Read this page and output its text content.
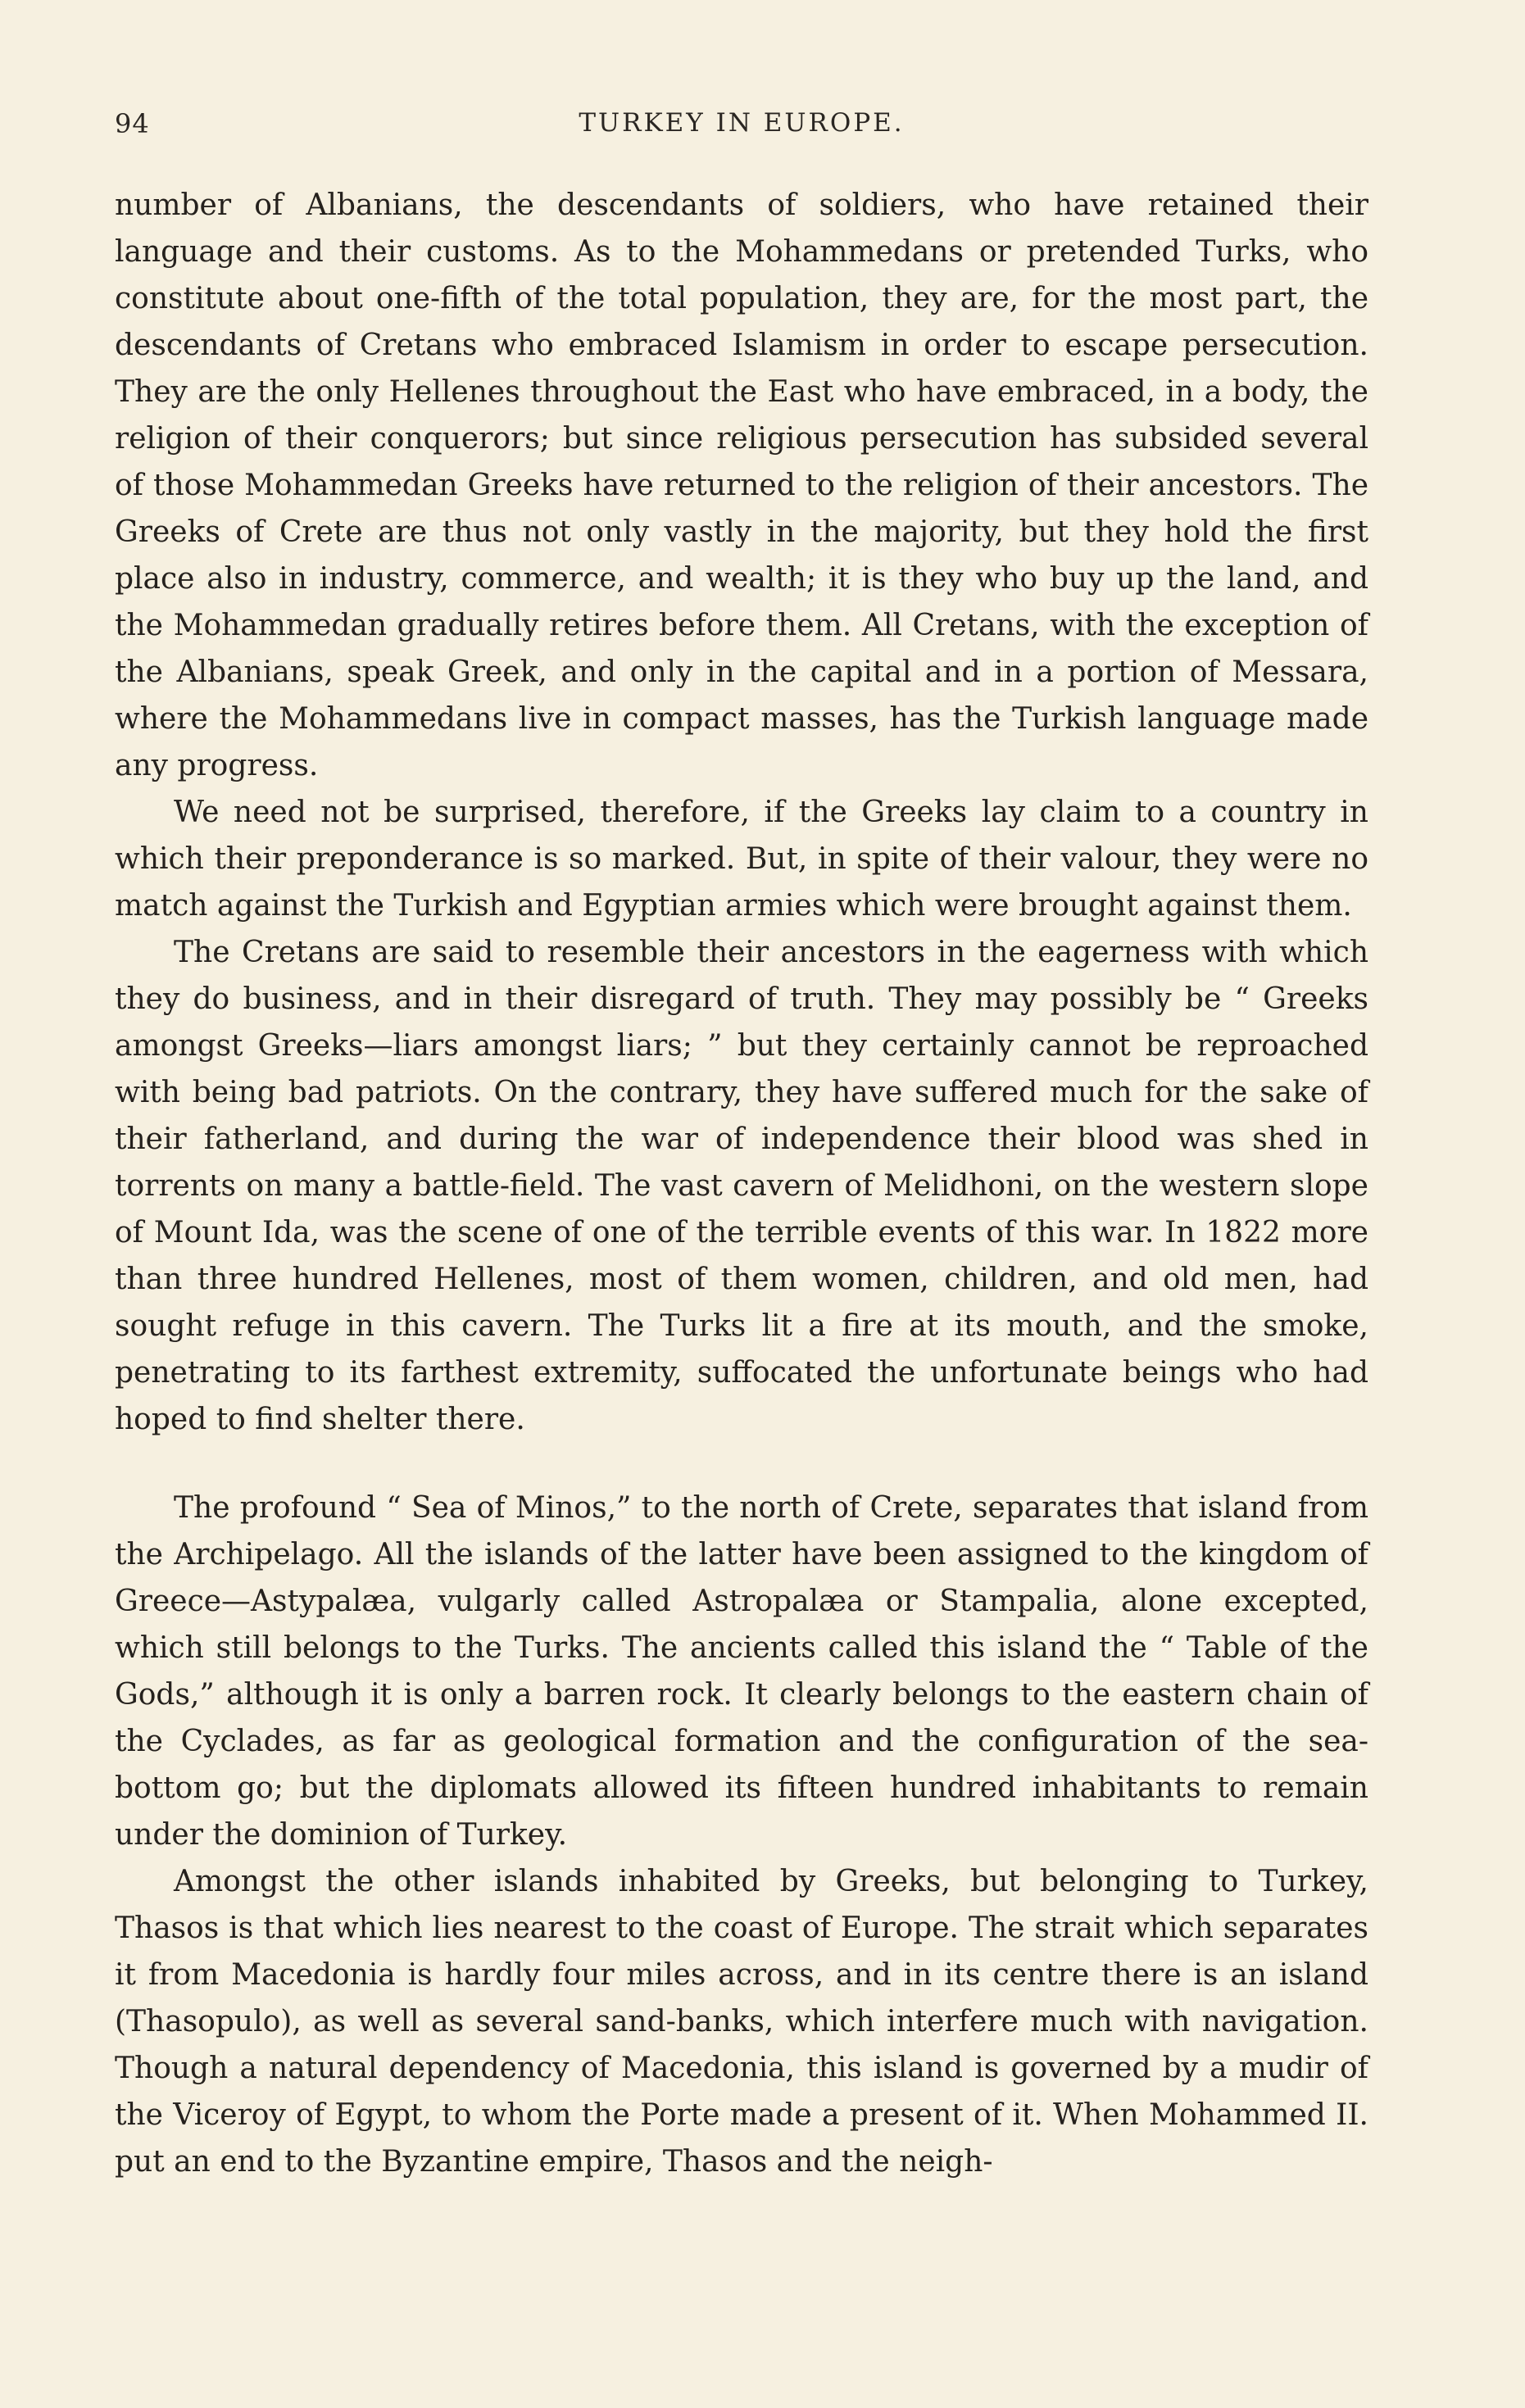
94	TURKEY IN EUROPE.

number of Albanians, the descendants of soldiers, who have retained their language and their customs. As to the Mohammedans or pretended Turks, who constitute about one-fifth of the total population, they are, for the most part, the descendants of Cretans who embraced Islamism in order to escape persecution. They are the only Hellenes throughout the East who have embraced, in a body, the religion of their conquerors; but since religious persecution has subsided several of those Mohammedan Greeks have returned to the religion of their ancestors. The Greeks of Crete are thus not only vastly in the majority, but they hold the first place also in industry, commerce, and wealth; it is they who buy up the land, and the Mohammedan gradually retires before them. All Cretans, with the exception of the Albanians, speak Greek, and only in the capital and in a portion of Messara, where the Mohammedans live in compact masses, has the Turkish language made any progress.

We need not be surprised, therefore, if the Greeks lay claim to a country in which their preponderance is so marked. But, in spite of their valour, they were no match against the Turkish and Egyptian armies which were brought against them.

The Cretans are said to resemble their ancestors in the eagerness with which they do business, and in their disregard of truth. They may possibly be “ Greeks amongst Greeks—liars amongst liars; ” but they certainly cannot be reproached with being bad patriots. On the contrary, they have suffered much for the sake of their fatherland, and during the war of independence their blood was shed in torrents on many a battle-field. The vast cavern of Melidhoni, on the western slope of Mount Ida, was the scene of one of the terrible events of this war. In 1822 more than three hundred Hellenes, most of them women, children, and old men, had sought refuge in this cavern. The Turks lit a fire at its mouth, and the smoke, penetrating to its farthest extremity, suffocated the unfortunate beings who had hoped to find shelter there.

The profound “ Sea of Minos,” to the north of Crete, separates that island from the Archipelago. All the islands of the latter have been assigned to the kingdom of Greece—Astypalæa, vulgarly called Astropalæa or Stampalia, alone excepted, which still belongs to the Turks. The ancients called this island the “ Table of the Gods,” although it is only a barren rock. It clearly belongs to the eastern chain of the Cyclades, as far as geological formation and the configuration of the sea-bottom go; but the diplomats allowed its fifteen hundred inhabitants to remain under the dominion of Turkey.

Amongst the other islands inhabited by Greeks, but belonging to Turkey, Thasos is that which lies nearest to the coast of Europe. The strait which separates it from Macedonia is hardly four miles across, and in its centre there is an island (Thasopulo), as well as several sand-banks, which interfere much with navigation. Though a natural dependency of Macedonia, this island is governed by a mudir of the Viceroy of Egypt, to whom the Porte made a present of it. When Mohammed II. put an end to the Byzantine empire, Thasos and the neigh-
